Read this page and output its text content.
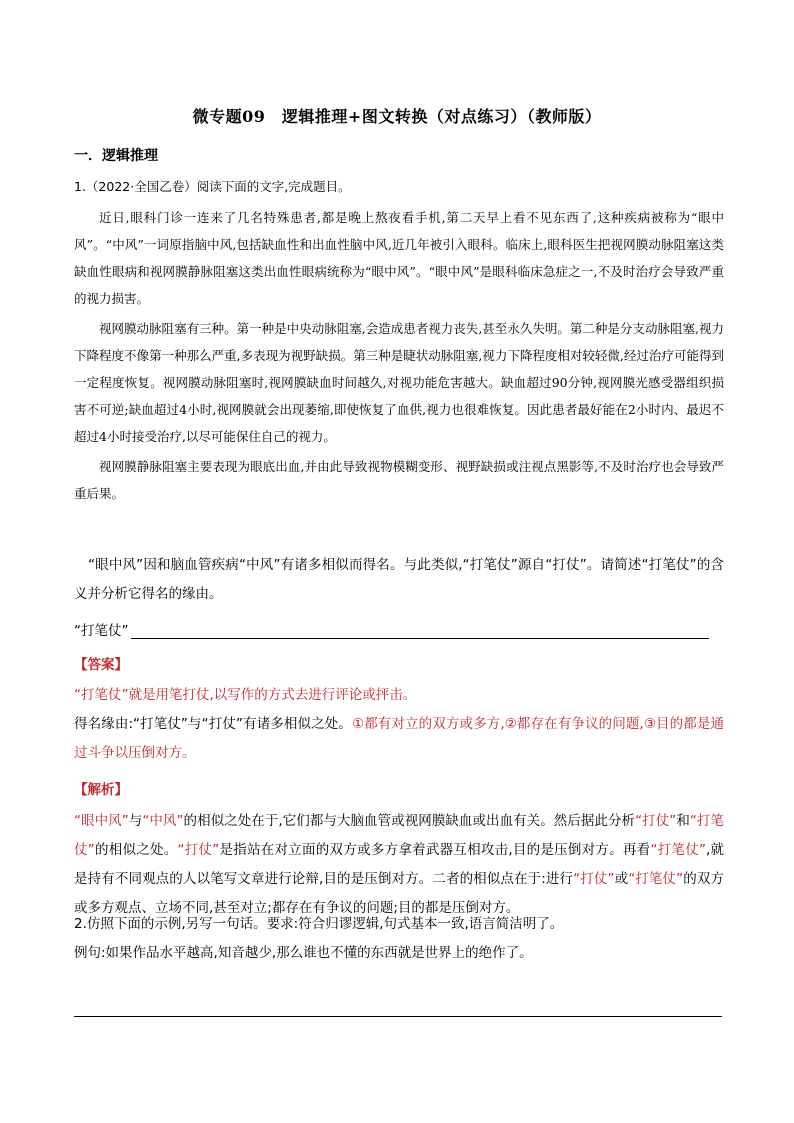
微专题09　逻辑推理+图文转换（对点练习）（教师版）
一．逻辑推理
1.（2022·全国乙卷）阅读下面的文字,完成题目。

近日,眼科门诊一连来了几名特殊患者,都是晚上熬夜看手机,第二天早上看不见东西了,这种疾病被称为“眼中风”。“中风”一词原指脑中风,包括缺血性和出血性脑中风,近几年被引入眼科。临床上,眼科医生把视网膜动脉阻塞这类缺血性眼病和视网膜静脉阻塞这类出血性眼病统称为“眼中风”。“眼中风”是眼科临床急症之一,不及时治疗会导致严重的视力损害。

视网膜动脉阻塞有三种。第一种是中央动脉阻塞,会造成患者视力丧失,甚至永久失明。第二种是分支动脉阻塞,视力下降程度不像第一种那么严重,多表现为视野缺损。第三种是睫状动脉阻塞,视力下降程度相对较轻微,经过治疗可能得到一定程度恢复。视网膜动脉阻塞时,视网膜缺血时间越久,对视功能危害越大。缺血超过90分钟,视网膜光感受器组织损害不可逆;缺血超过4小时,视网膜就会出现萎缩,即使恢复了血供,视力也很难恢复。因此患者最好能在2小时内、最迟不超过4小时接受治疗,以尽可能保住自己的视力。

视网膜静脉阻塞主要表现为眼底出血,并由此导致视物模糊变形、视野缺损或注视点黑影等,不及时治疗也会导致严重后果。

“眼中风”因和脑血管疾病“中风”有诸多相似而得名。与此类似,“打笔仗”源自“打仗”。请简述“打笔仗”的含义并分析它得名的缘由。

“打笔仗”
【答案】

“打笔仗”就是用笔打仗,以写作的方式去进行评论或抨击。

得名缘由:“打笔仗”与“打仗”有诸多相似之处。①都有对立的双方或多方,②都存在有争议的问题,③目的都是通过斗争以压倒对方。

【解析】

“眼中风”与“中风”的相似之处在于,它们都与大脑血管或视网膜缺血或出血有关。然后据此分析“打仗”和“打笔仗”的相似之处。“打仗”是指站在对立面的双方或多方拿着武器互相攻击,目的是压倒对方。再看“打笔仗”,就是持有不同观点的人以笔写文章进行论辩,目的是压倒对方。二者的相似点在于:进行“打仗”或“打笔仗”的双方或多方观点、立场不同,甚至对立;都存在有争议的问题;目的都是压倒对方。

2.仿照下面的示例,另写一句话。要求:符合归谬逻辑,句式基本一致,语言简洁明了。

例句:如果作品水平越高,知音越少,那么谁也不懂的东西就是世界上的绝作了。
